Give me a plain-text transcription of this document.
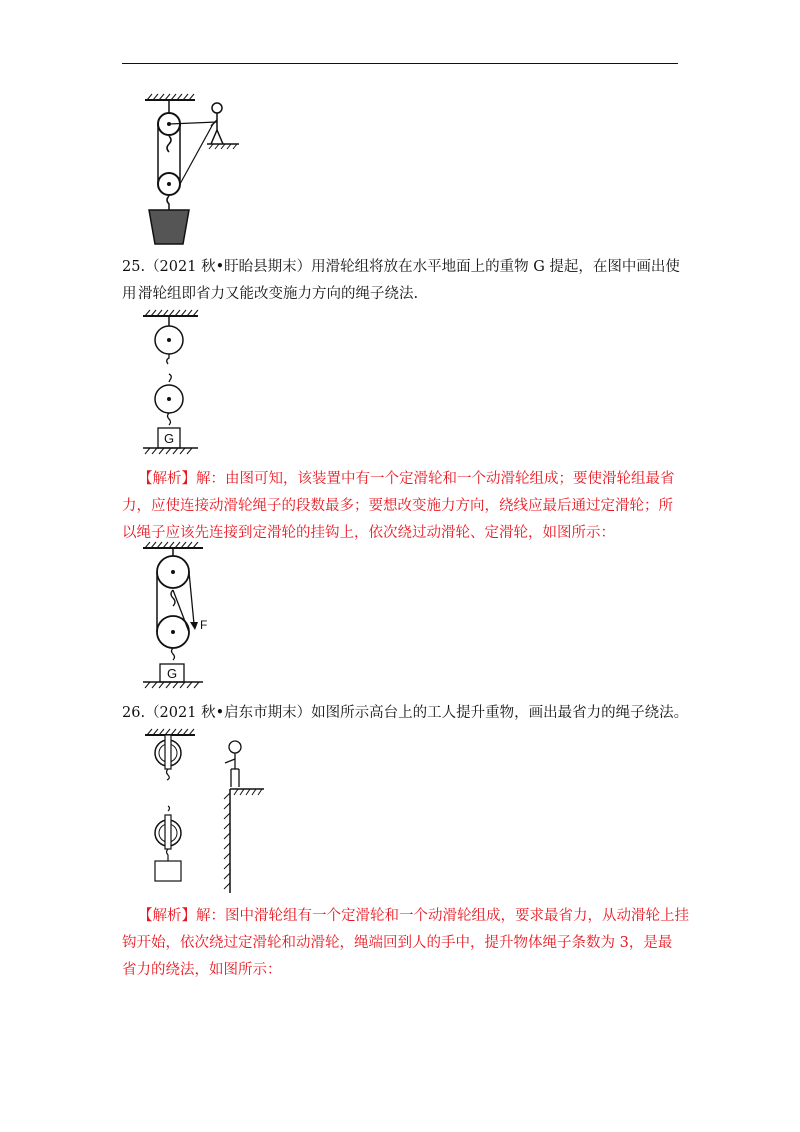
25.（2021 秋•盱眙县期末）用滑轮组将放在水平地面上的重物 G 提起，在图中画出使用 滑轮组即省力又能改变施力方向的绳子绕法.
G
【解析】解：由图可知，该装置中有一个定滑轮和一个动滑轮组成；要使滑轮组最省
力，应使连接动滑轮绳子的段数最多；要想改变施力方向，绕线应最后通过定滑轮；所
以绳子应该先连接到定滑轮的挂钩上，依次绕过动滑轮、定滑轮，如图所示：
F
G
26.（2021 秋•启东市期末）如图所示高台上的工人提升重物，画出最省力的绳子绕法。
【解析】解：图中滑轮组有一个定滑轮和一个动滑轮组成，要求最省力，从动滑轮上挂
钩开始，依次绕过定滑轮和动滑轮，绳端回到人的手中，提升物体绳子条数为 3，是最
省力的绕法，如图所示：
